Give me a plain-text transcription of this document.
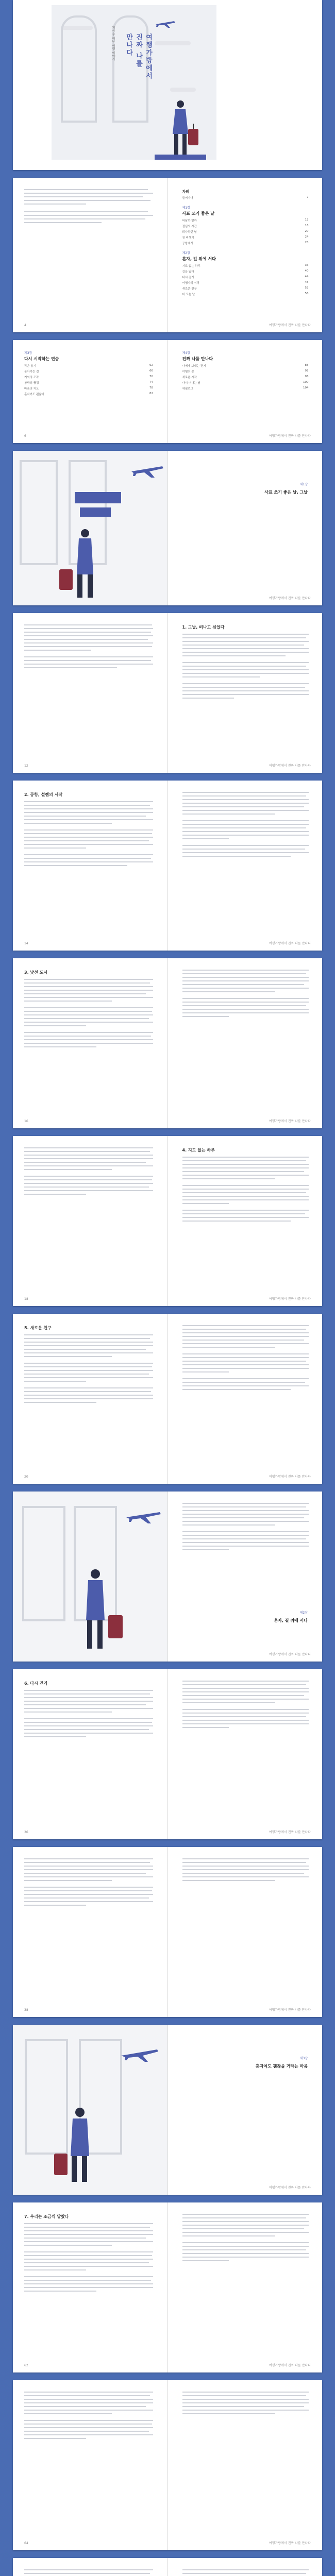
여행가방에서
진짜 나를
만나다
퇴사 후 떠난 여행 이야기
4
차례
들어가며	7
제1장
사표 쓰기 좋은 날
떠날까 말까	12
결심의 시간	16
퇴사하던 날	20
첫 비행기	24
공항에서	28
제2장
혼자, 길 위에 서다
지도 없는 하루	36
길을 잃다	40
다시 걷기	44
여행자의 식탁	48
새로운 친구	52
비 오는 날	56
여행가방에서 진짜 나를 만나다
제3장
다시 시작하는 연습
작은 용기	62
돌아가는 길	66
기억의 조각	70
창밖의 풍경	74
마음의 지도	78
혼자여도 괜찮아	82
6
제4장
진짜 나를 만나다
나에게 보내는 편지	88
여행의 끝	92
새로운 시작	96
다시 떠나는 날	100
에필로그	104
여행가방에서 진짜 나를 만나다
제1장
사표 쓰기 좋은 날, 그날
여행가방에서 진짜 나를 만나다
12
1. 그날, 떠나고 싶었다
여행가방에서 진짜 나를 만나다
2. 공항, 설렘의 시작
14	여행가방에서 진짜 나를 만나다
3. 낯선 도시
16	여행가방에서 진짜 나를 만나다
18
4. 지도 없는 하루
여행가방에서 진짜 나를 만나다
5. 새로운 친구
20	여행가방에서 진짜 나를 만나다
제2장
혼자, 길 위에 서다
여행가방에서 진짜 나를 만나다
6. 다시 걷기
36	여행가방에서 진짜 나를 만나다
38	여행가방에서 진짜 나를 만나다
제3장
혼자여도 괜찮을 거라는 마음
여행가방에서 진짜 나를 만나다
7. 우리는 조금씩 달랐다
62	여행가방에서 진짜 나를 만나다
64	여행가방에서 진짜 나를 만나다
